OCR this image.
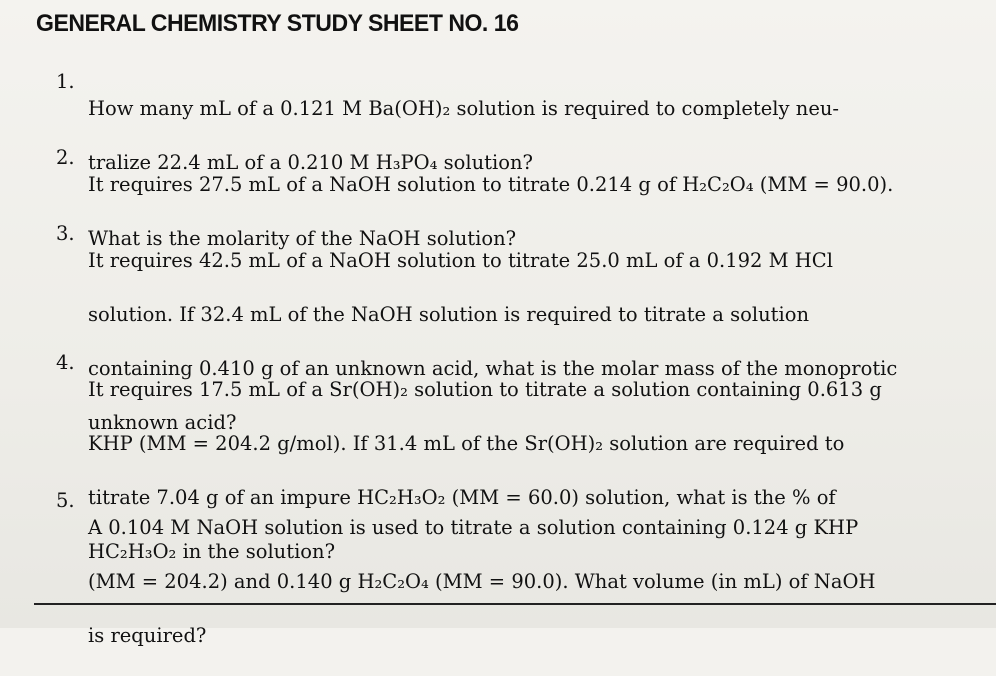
GENERAL CHEMISTRY STUDY SHEET NO. 16
1.

How many mL of a 0.121 M Ba(OH)₂ solution is required to completely neu-

tralize 22.4 mL of a 0.210 M H₃PO₄ solution?

2.

It requires 27.5 mL of a NaOH solution to titrate 0.214 g of H₂C₂O₄ (MM = 90.0).

What is the molarity of the NaOH solution?

3.

It requires 42.5 mL of a NaOH solution to titrate 25.0 mL of a 0.192 M HCl

solution. If 32.4 mL of the NaOH solution is required to titrate a solution

containing 0.410 g of an unknown acid, what is the molar mass of the monoprotic

unknown acid?

4.

It requires 17.5 mL of a Sr(OH)₂ solution to titrate a solution containing 0.613 g

KHP (MM = 204.2 g/mol). If 31.4 mL of the Sr(OH)₂ solution are required to

titrate 7.04 g of an impure HC₂H₃O₂ (MM = 60.0) solution, what is the % of

HC₂H₃O₂ in the solution?

5.

A 0.104 M NaOH solution is used to titrate a solution containing 0.124 g KHP

(MM = 204.2) and 0.140 g H₂C₂O₄ (MM = 90.0). What volume (in mL) of NaOH

is required?
